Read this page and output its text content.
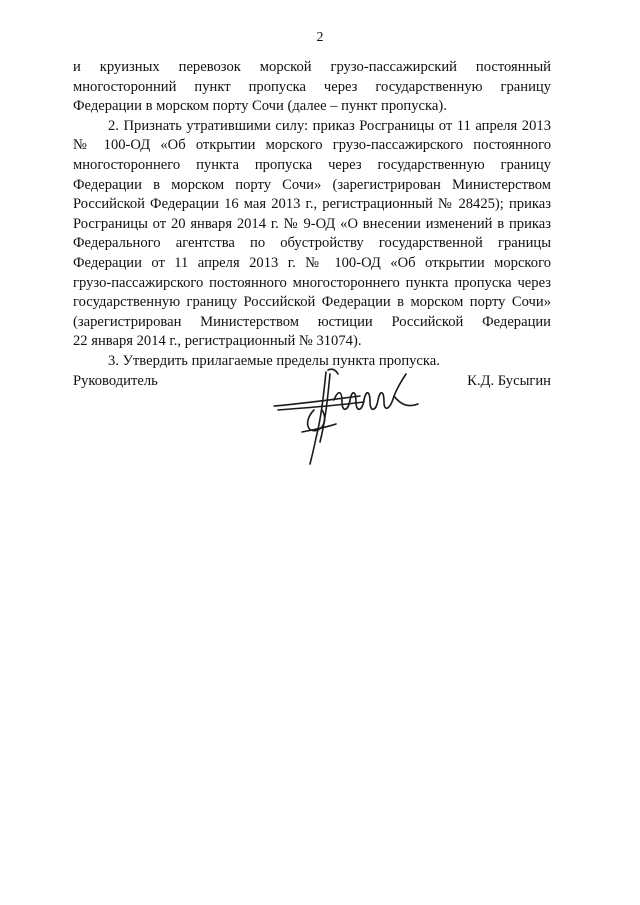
2
и круизных перевозок морской грузо-пассажирский постоянный
многосторонний пункт пропуска через государственную границу
Федерации в морском порту Сочи (далее – пункт пропуска).
2. Признать утратившими силу: приказ Росграницы от 11 апреля 2013
№ 100-ОД «Об открытии морского грузо-пассажирского постоянного
многостороннего пункта пропуска через государственную границу
Федерации в морском порту Сочи» (зарегистрирован Министерством
Российской Федерации 16 мая 2013 г., регистрационный № 28425); приказ
Росграницы от 20 января 2014 г. № 9-ОД «О внесении изменений в приказ
Федерального агентства по обустройству государственной границы
Федерации от 11 апреля 2013 г. № 100-ОД «Об открытии морского
грузо-пассажирского постоянного многостороннего пункта пропуска через
государственную границу Российской Федерации в морском порту Сочи»
(зарегистрирован Министерством юстиции Российской Федерации
22 января 2014 г., регистрационный № 31074).
3. Утвердить прилагаемые пределы пункта пропуска.
Руководитель	К.Д. Бусыгин
